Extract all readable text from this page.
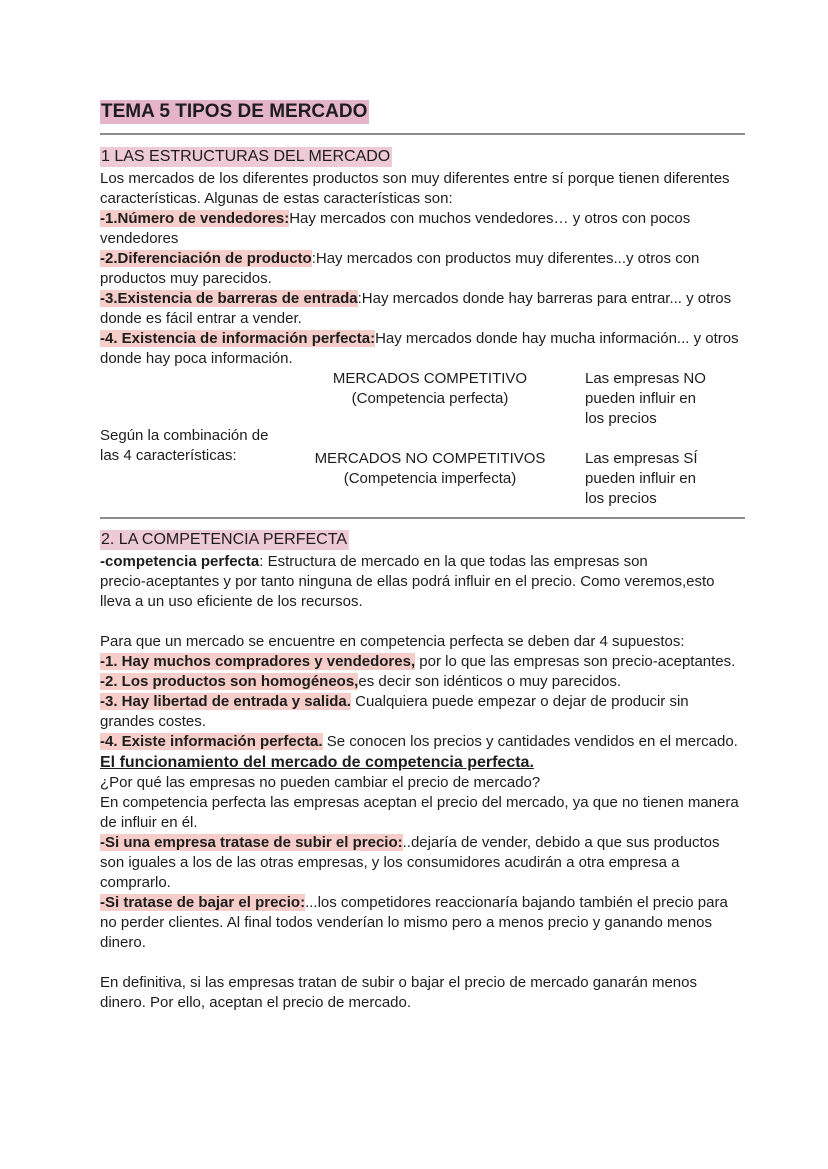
TEMA 5 TIPOS DE MERCADO
1 LAS ESTRUCTURAS DEL MERCADO

Los mercados de los diferentes productos son muy diferentes entre sí porque tienen diferentes características. Algunas de estas características son:

-1.Número de vendedores:Hay mercados con muchos vendedores… y otros con pocos vendedores

-2.Diferenciación de producto:Hay mercados con productos muy diferentes...y otros con productos muy parecidos.

-3.Existencia de barreras de entrada:Hay mercados donde hay barreras para entrar... y otros donde es fácil entrar a vender.

-4. Existencia de información perfecta:Hay mercados donde hay mucha información... y otros donde hay poca información.

Según la combinación de
las 4 características:
MERCADOS COMPETITIVO
(Competencia perfecta)
Las empresas NO
pueden influir en
los precios
MERCADOS NO COMPETITIVOS
(Competencia imperfecta)
Las empresas SÍ
pueden influir en
los precios
2. LA COMPETENCIA PERFECTA

-competencia perfecta: Estructura de mercado en la que todas las empresas son precio-aceptantes y por tanto ninguna de ellas podrá influir en el precio. Como veremos,esto lleva a un uso eficiente de los recursos.

Para que un mercado se encuentre en competencia perfecta se deben dar 4 supuestos:

-1. Hay muchos compradores y vendedores, por lo que las empresas son precio-aceptantes.

-2. Los productos son homogéneos,es decir son idénticos o muy parecidos.

-3. Hay libertad de entrada y salida. Cualquiera puede empezar o dejar de producir sin grandes costes.

-4. Existe información perfecta. Se conocen los precios y cantidades vendidos en el mercado.

El funcionamiento del mercado de competencia perfecta.

¿Por qué las empresas no pueden cambiar el precio de mercado?

En competencia perfecta las empresas aceptan el precio del mercado, ya que no tienen manera de influir en él.

-Si una empresa tratase de subir el precio:..dejaría de vender, debido a que sus productos son iguales a los de las otras empresas, y los consumidores acudirán a otra empresa a comprarlo.

-Si tratase de bajar el precio:...los competidores reaccionaría bajando también el precio para no perder clientes. Al final todos venderían lo mismo pero a menos precio y ganando menos dinero.

En definitiva, si las empresas tratan de subir o bajar el precio de mercado ganarán menos dinero. Por ello, aceptan el precio de mercado.
